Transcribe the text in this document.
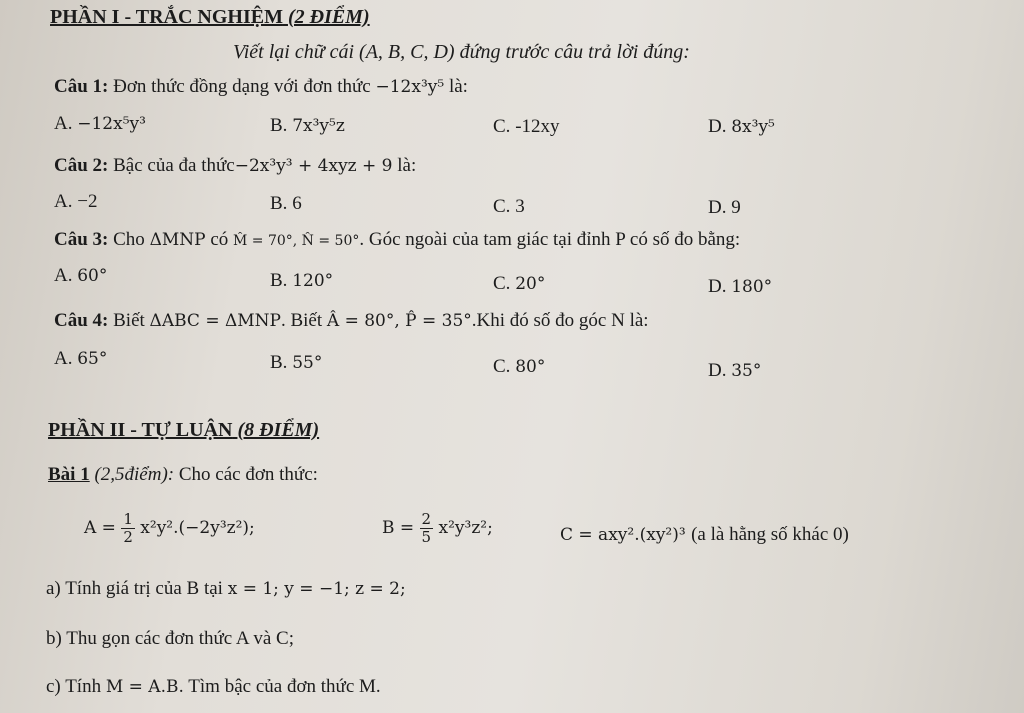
PHẦN I - TRẮC NGHIỆM (2 ĐIỂM)
Viết lại chữ cái (A, B, C, D) đứng trước câu trả lời đúng:
Câu 1: Đơn thức đồng dạng với đơn thức −12x³y⁵ là:
A. −12x⁵y³	B. 7x³y⁵z	C. -12xy	D. 8x³y⁵
Câu 2: Bậc của đa thức−2x³y³ + 4xyz + 9 là:
A. −2	B. 6	C. 3	D. 9
Câu 3: Cho ΔMNP có M̂ = 70°, N̂ = 50°. Góc ngoài của tam giác tại đỉnh P có số đo bằng:
A. 60°	B. 120°	C. 20°	D. 180°
Câu 4: Biết ΔABC = ΔMNP. Biết Â = 80°, P̂ = 35°.Khi đó số đo góc N là:
A. 65°	B. 55°	C. 80°	D. 35°
PHẦN II - TỰ LUẬN (8 ĐIỂM)
Bài 1 (2,5điểm): Cho các đơn thức:
$A = \frac{1}{2} x^2y^2.(-2y^3z^2)$;	$B = \frac{2}{5} x^2y^3z^2$;	C = axy².(xy²)³ (a là hằng số khác 0)
a) Tính giá trị của B tại x = 1; y = −1; z = 2;
b) Thu gọn các đơn thức A và C;
c) Tính M = A.B. Tìm bậc của đơn thức M.
